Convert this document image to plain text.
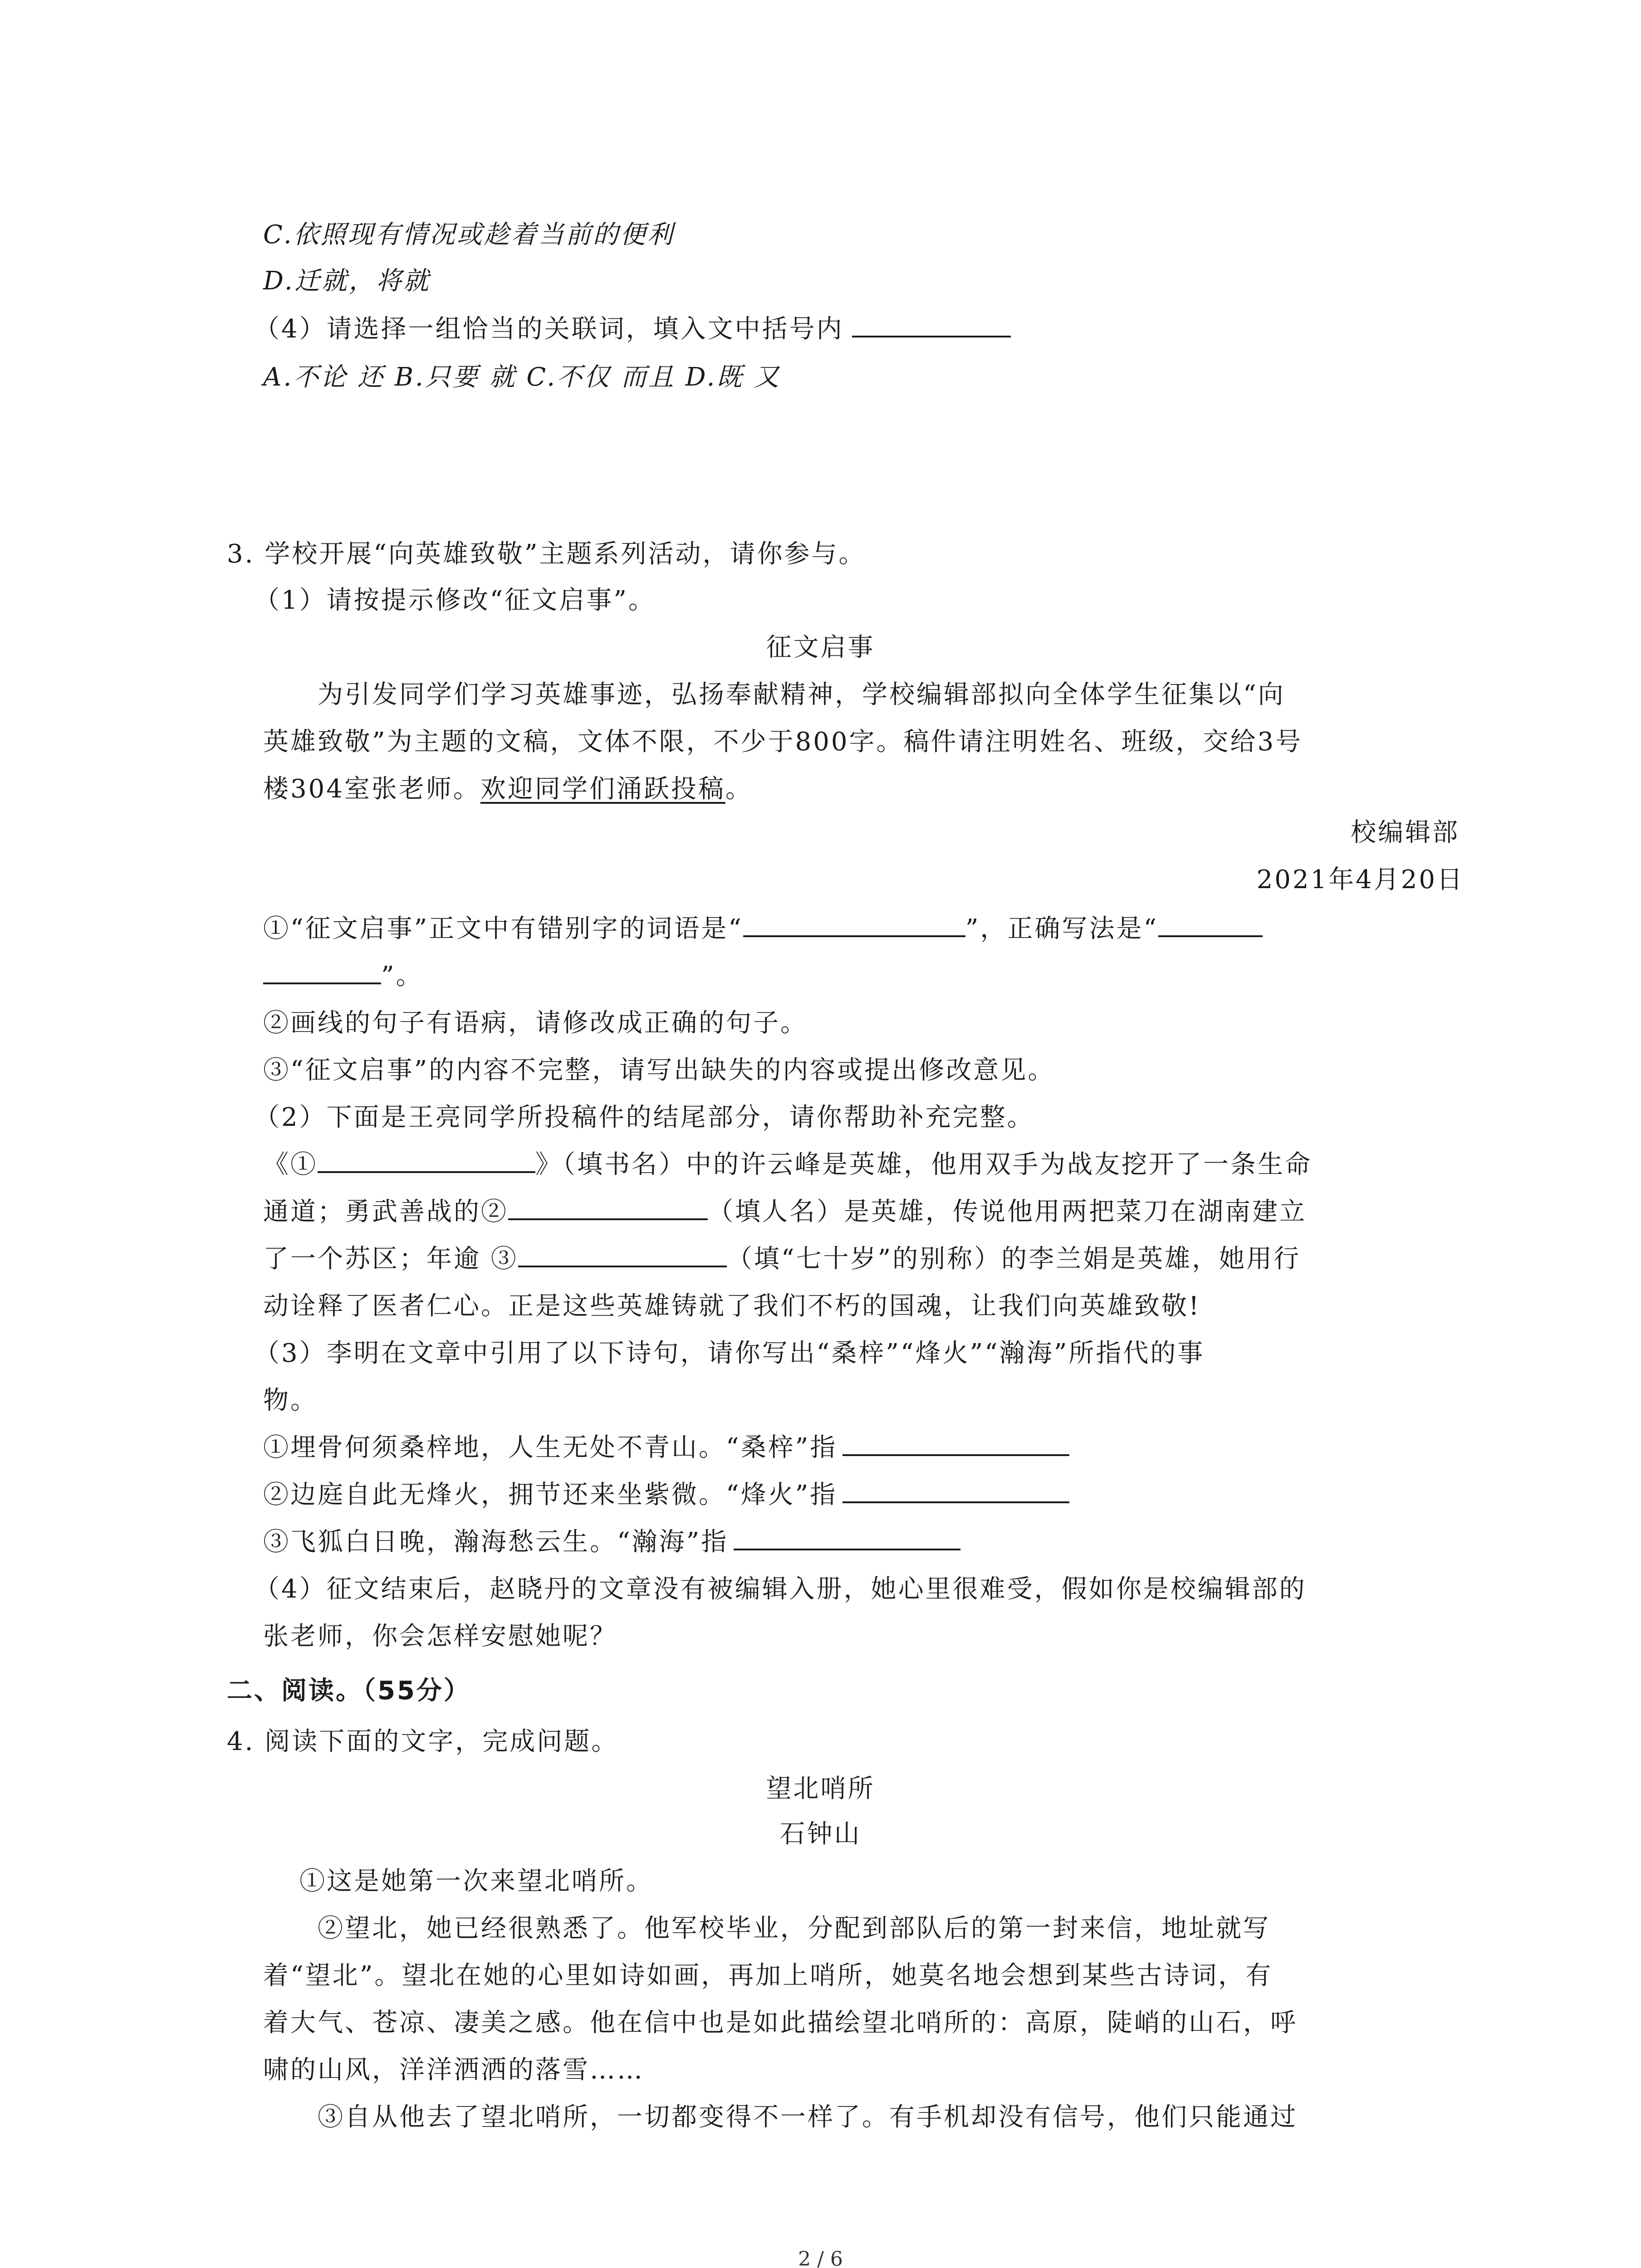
C.依照现有情况或趁着当前的便利
D.迁就，将就
（4）请选择一组恰当的关联词，填入文中括号内
A.不论 还 B.只要 就 C.不仅 而且 D.既 又
3. 学校开展“向英雄致敬”主题系列活动，请你参与。
（1）请按提示修改“征文启事”。
征文启事
为引发同学们学习英雄事迹，弘扬奉献精神，学校编辑部拟向全体学生征集以“向
英雄致敬”为主题的文稿，文体不限，不少于800字。稿件请注明姓名、班级，交给3号
楼304室张老师。欢迎同学们涌跃投稿。
校编辑部
2021年4月20日
①“征文启事”正文中有错别字的词语是“	”，正确写法是“
”。
②画线的句子有语病，请修改成正确的句子。
③“征文启事”的内容不完整，请写出缺失的内容或提出修改意见。
（2）下面是王亮同学所投稿件的结尾部分，请你帮助补充完整。
《①	》（填书名）中的许云峰是英雄，他用双手为战友挖开了一条生命
通道；勇武善战的②	（填人名）是英雄，传说他用两把菜刀在湖南建立
了一个苏区；年逾 ③	（填“七十岁”的别称）的李兰娟是英雄，她用行
动诠释了医者仁心。正是这些英雄铸就了我们不朽的国魂，让我们向英雄致敬!
（3）李明在文章中引用了以下诗句，请你写出“桑梓”“烽火”“瀚海”所指代的事
物。
①埋骨何须桑梓地，人生无处不青山。“桑梓”指
②边庭自此无烽火，拥节还来坐紫微。“烽火”指
③飞狐白日晚，瀚海愁云生。“瀚海”指
（4）征文结束后，赵晓丹的文章没有被编辑入册，她心里很难受，假如你是校编辑部的
张老师，你会怎样安慰她呢？
二、阅读。（55分）
4. 阅读下面的文字，完成问题。
望北哨所
石钟山
①这是她第一次来望北哨所。
②望北，她已经很熟悉了。他军校毕业，分配到部队后的第一封来信，地址就写
着“望北”。望北在她的心里如诗如画，再加上哨所，她莫名地会想到某些古诗词，有
着大气、苍凉、凄美之感。他在信中也是如此描绘望北哨所的：高原，陡峭的山石，呼
啸的山风，洋洋洒洒的落雪……
③自从他去了望北哨所，一切都变得不一样了。有手机却没有信号，他们只能通过
2 / 6
